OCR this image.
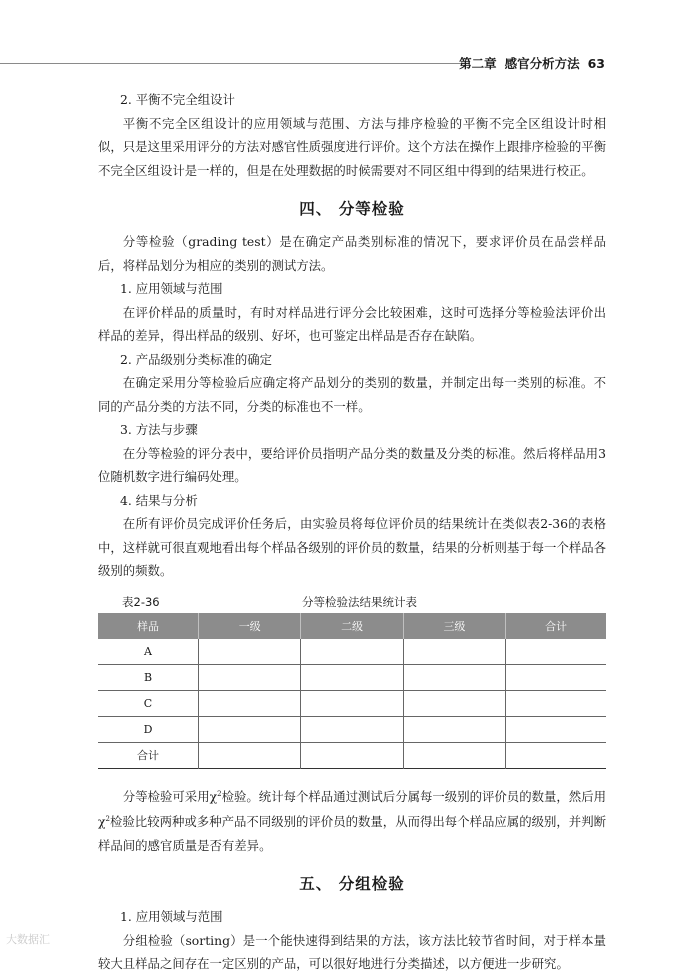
第二章 感官分析方法 63
2. 平衡不完全组设计

平衡不完全区组设计的应用领域与范围、方法与排序检验的平衡不完全区组设计时相似，只是这里采用评分的方法对感官性质强度进行评价。这个方法在操作上跟排序检验的平衡不完全区组设计是一样的，但是在处理数据的时候需要对不同区组中得到的结果进行校正。

四、 分等检验

分等检验（grading test）是在确定产品类别标准的情况下，要求评价员在品尝样品后，将样品划分为相应的类别的测试方法。

1. 应用领域与范围

在评价样品的质量时，有时对样品进行评分会比较困难，这时可选择分等检验法评价出样品的差异，得出样品的级别、好坏，也可鉴定出样品是否存在缺陷。

2. 产品级别分类标准的确定

在确定采用分等检验后应确定将产品划分的类别的数量，并制定出每一类别的标准。不同的产品分类的方法不同，分类的标准也不一样。

3. 方法与步骤

在分等检验的评分表中，要给评价员指明产品分类的数量及分类的标准。然后将样品用3位随机数字进行编码处理。

4. 结果与分析

在所有评价员完成评价任务后，由实验员将每位评价员的结果统计在类似表2-36的表格中，这样就可很直观地看出每个样品各级别的评价员的数量，结果的分析则基于每一个样品各级别的频数。

表2-36	分等检验法结果统计表
样品	一级	二级	三级	合计
A				
B				
C				
D				
合计				

分等检验可采用$\chi^2$检验。统计每个样品通过测试后分属每一级别的评价员的数量，然后用$\chi^2$检验比较两种或多种产品不同级别的评价员的数量，从而得出每个样品应属的级别，并判断样品间的感官质量是否有差异。

五、 分组检验
1. 应用领域与范围

分组检验（sorting）是一个能快速得到结果的方法，该方法比较节省时间，对于样本量较大且样品之间存在一定区别的产品，可以很好地进行分类描述，以方便进一步研究。

大数据汇
